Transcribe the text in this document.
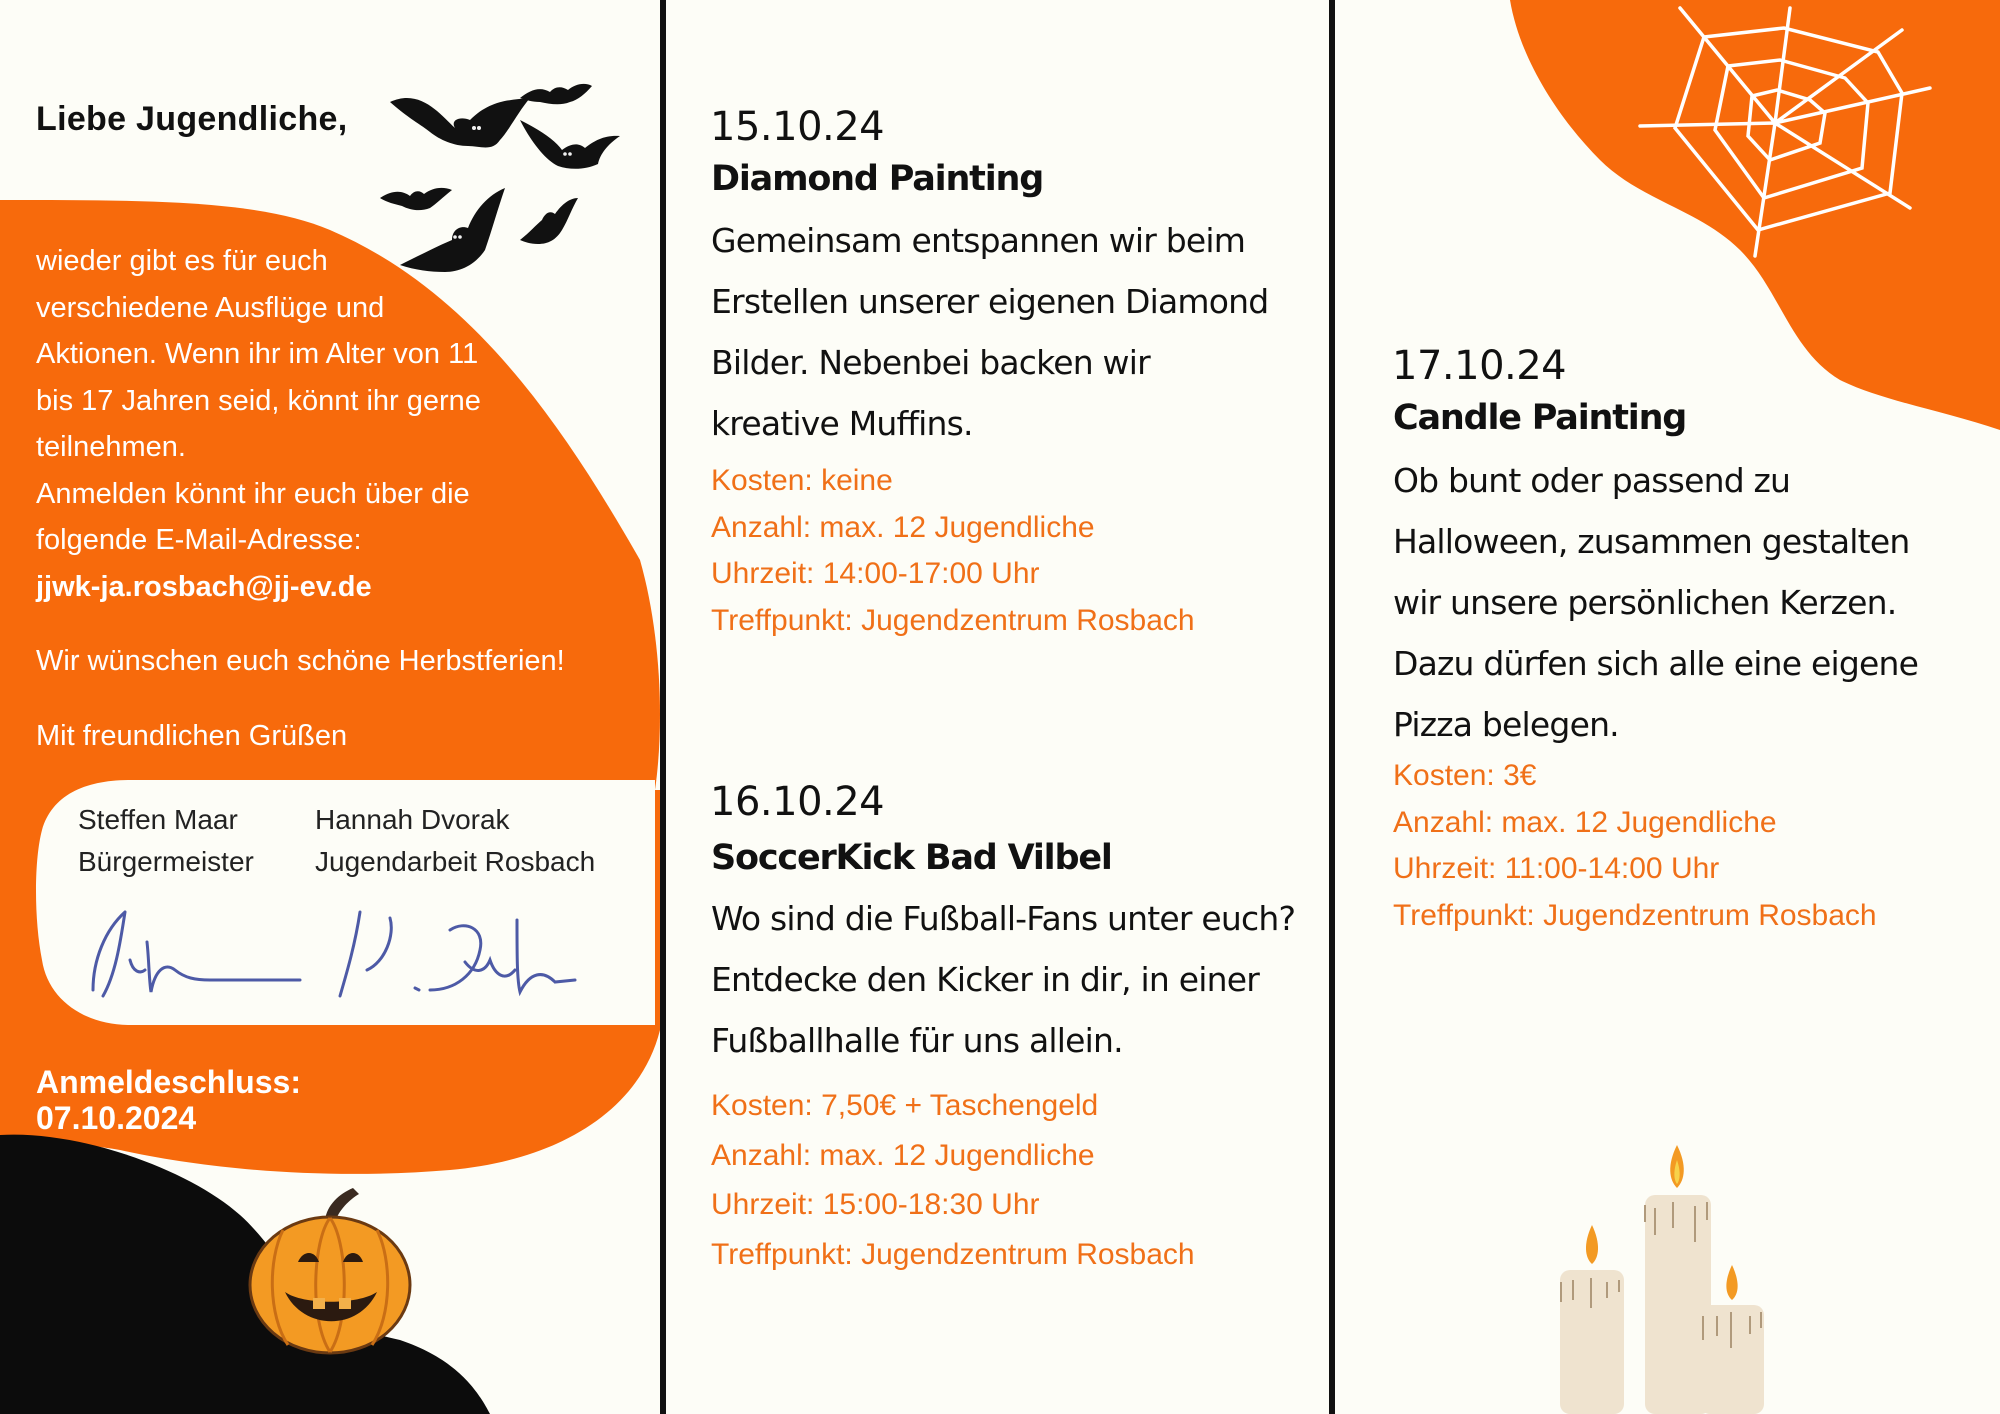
Liebe Jugendliche,
wieder gibt es für euch
verschiedene Ausflüge und
Aktionen. Wenn ihr im Alter von 11
bis 17 Jahren seid, könnt ihr gerne
teilnehmen.
Anmelden könnt ihr euch über die
folgende E-Mail-Adresse:
jjwk-ja.rosbach@jj-ev.de
Wir wünschen euch schöne Herbstferien!
Mit freundlichen Grüßen
Steffen Maar
Bürgermeister
Hannah Dvorak
Jugendarbeit Rosbach
Anmeldeschluss:
07.10.2024
15.10.24
Diamond Painting
Gemeinsam entspannen wir beim
Erstellen unserer eigenen Diamond
Bilder. Nebenbei backen wir
kreative Muffins.
Kosten: keine
Anzahl: max. 12 Jugendliche
Uhrzeit: 14:00-17:00 Uhr
Treffpunkt: Jugendzentrum Rosbach
16.10.24
SoccerKick Bad Vilbel
Wo sind die Fußball-Fans unter euch?
Entdecke den Kicker in dir, in einer
Fußballhalle für uns allein.
Kosten: 7,50€ + Taschengeld
Anzahl: max. 12 Jugendliche
Uhrzeit: 15:00-18:30 Uhr
Treffpunkt: Jugendzentrum Rosbach
17.10.24
Candle Painting
Ob bunt oder passend zu
Halloween, zusammen gestalten
wir unsere persönlichen Kerzen.
Dazu dürfen sich alle eine eigene
Pizza belegen.
Kosten: 3€
Anzahl: max. 12 Jugendliche
Uhrzeit: 11:00-14:00 Uhr
Treffpunkt: Jugendzentrum Rosbach
